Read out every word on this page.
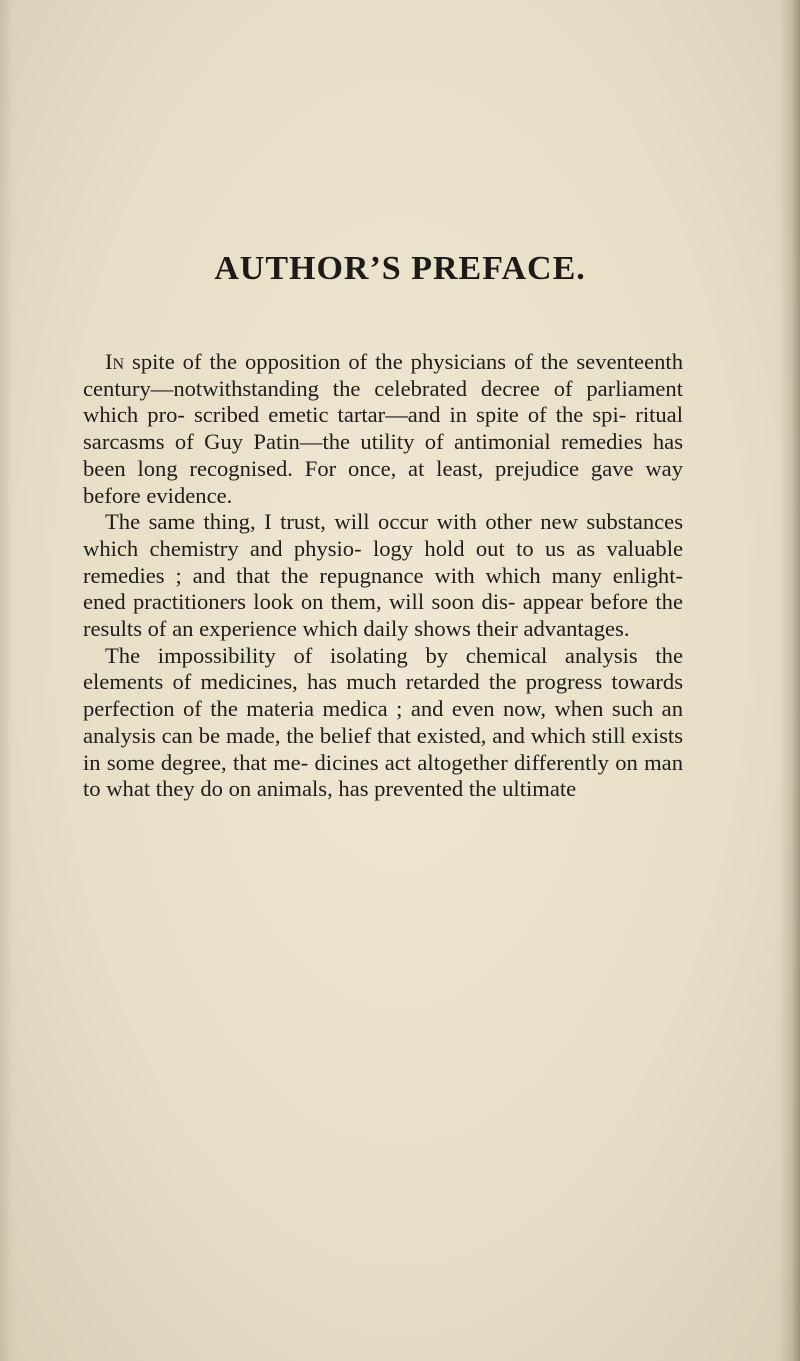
AUTHOR’S PREFACE.

In spite of the opposition of the physicians of the seventeenth century—notwithstanding the celebrated decree of parliament which pro- scribed emetic tartar—and in spite of the spi- ritual sarcasms of Guy Patin—the utility of antimonial remedies has been long recognised. For once, at least, prejudice gave way before evidence.

The same thing, I trust, will occur with other new substances which chemistry and physio- logy hold out to us as valuable remedies ; and that the repugnance with which many enlight- ened practitioners look on them, will soon dis- appear before the results of an experience which daily shows their advantages.

The impossibility of isolating by chemical analysis the elements of medicines, has much retarded the progress towards perfection of the materia medica ; and even now, when such an analysis can be made, the belief that existed, and which still exists in some degree, that me- dicines act altogether differently on man to what they do on animals, has prevented the ultimate
